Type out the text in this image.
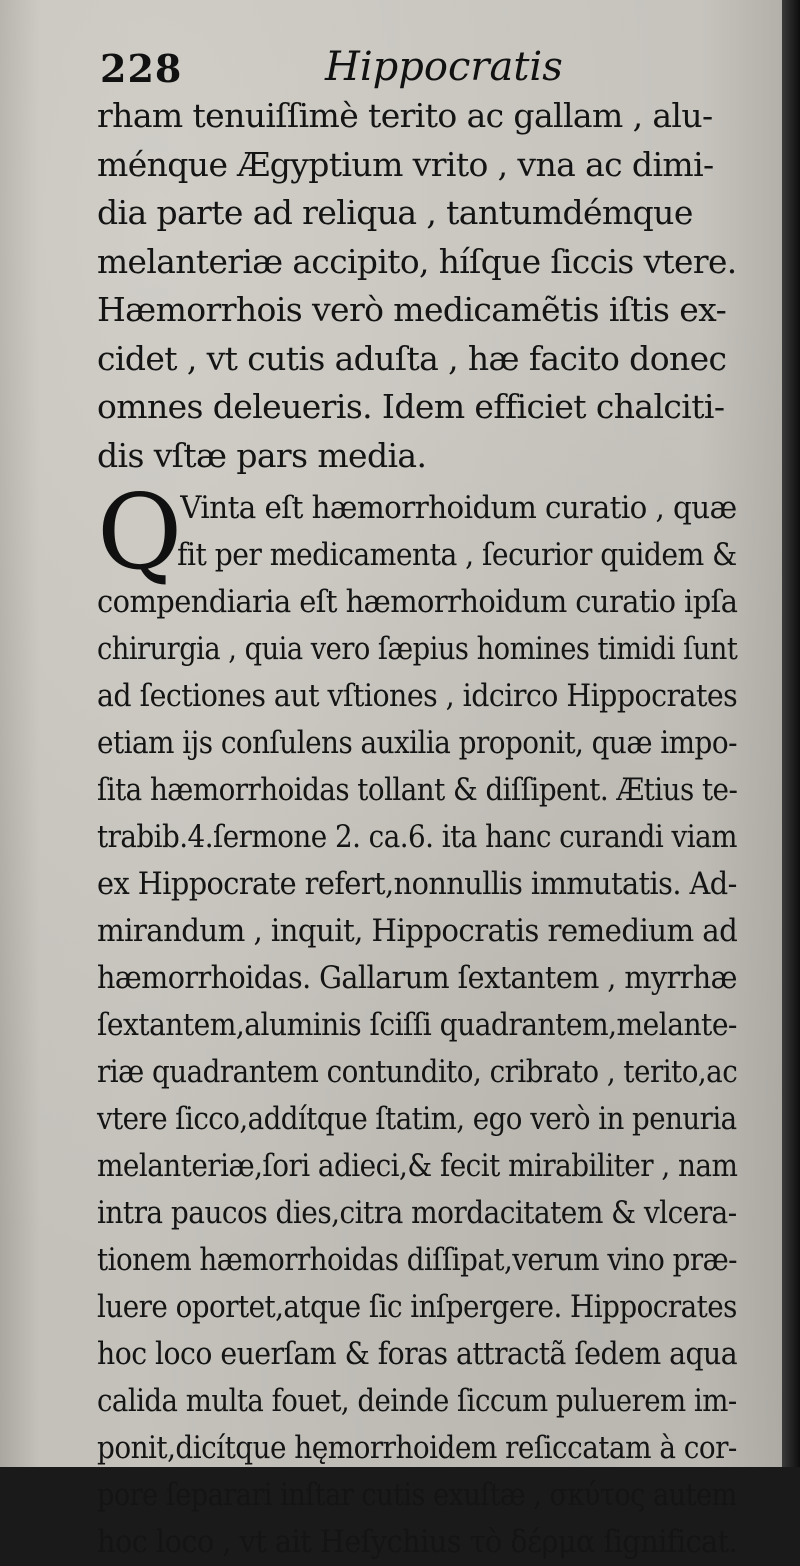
228	Hippocratis
rham tenuiſſimè terito ac gallam , alu-
ménque Ægyptium vrito , vna ac dimi-
dia parte ad reliqua , tantumdémque
melanteriæ accipito, híſque ſiccis vtere.
Hæmorrhois verò medicamẽtis iſtis ex-
cidet , vt cutis aduſta , hæ facito donec
omnes deleueris. Idem efficiet chalciti-
dis vſtæ pars media.
Q
Vinta eſt hæmorrhoidum curatio , quæ
fit per medicamenta , ſecurior quidem &
compendiaria eſt hæmorrhoidum curatio ipſa
chirurgia , quia vero ſæpius homines timidi ſunt
ad ſectiones aut vſtiones , idcirco Hippocrates
etiam ijs conſulens auxilia proponit, quæ impo-
ſita hæmorrhoidas tollant & diſſipent. Ætius te-
trabib.4.ſermone 2. ca.6. ita hanc curandi viam
ex Hippocrate refert,nonnullis immutatis. Ad-
mirandum , inquit, Hippocratis remedium ad
hæmorrhoidas. Gallarum ſextantem , myrrhæ
ſextantem,aluminis ſciſſi quadrantem,melante-
riæ quadrantem contundito, cribrato , terito,ac
vtere ſicco,addítque ſtatim, ego verò in penuria
melanteriæ,ſori adieci,& fecit mirabiliter , nam
intra paucos dies,citra mordacitatem & vlcera-
tionem hæmorrhoidas diſſipat,verum vino præ-
luere oportet,atque ſic inſpergere. Hippocrates
hoc loco euerſam & foras attractã ſedem aqua
calida multa fouet, deinde ſiccum puluerem im-
ponit,dicítque hęmorrhoidem reſiccatam à cor-
pore ſeparari inſtar cutis exuſtæ , σκύτος autem
hoc loco , vt ait Heſychius τὸ δέρμα ſignificat.
